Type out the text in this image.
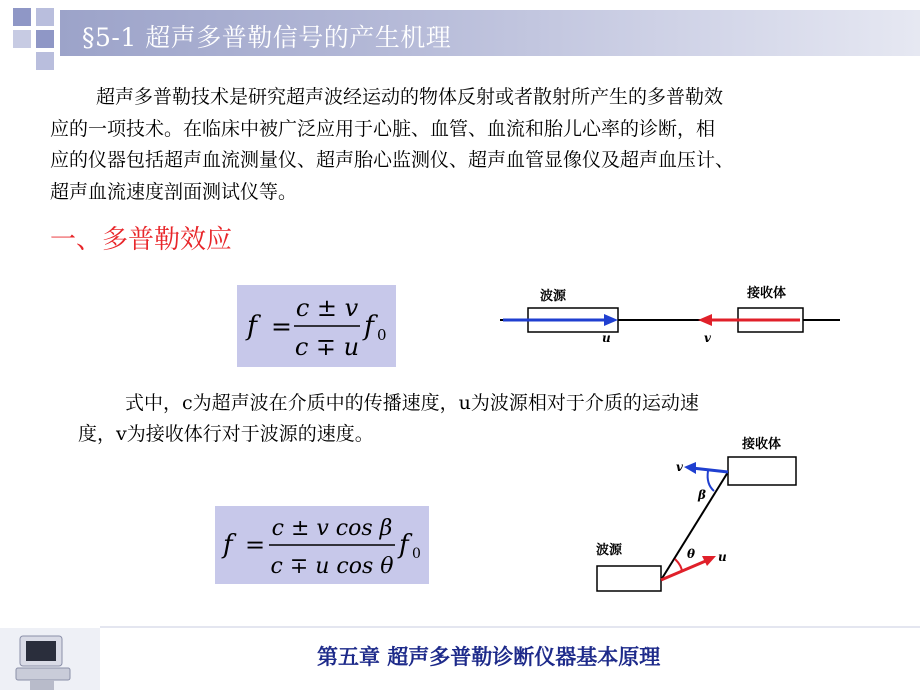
§5-1 超声多普勒信号的产生机理
超声多普勒技术是研究超声波经运动的物体反射或者散射所产生的多普勒效
应的一项技术。在临床中被广泛应用于心脏、血管、血流和胎儿心率的诊断，相
应的仪器包括超声血流测量仪、超声胎心监测仪、超声血管显像仪及超声血压计、
超声血流速度剖面测试仪等。
一、多普勒效应
f =
c ± v
c ∓ u
f 0
波源	接收体
u	v
式中，c为超声波在介质中的传播速度，u为波源相对于介质的运动速
度，v为接收体行对于波源的速度。
f =
c ± v cos β
c ∓ u cos θ
f 0
接收体
波源
v
β
θ u
第五章 超声多普勒诊断仪器基本原理
